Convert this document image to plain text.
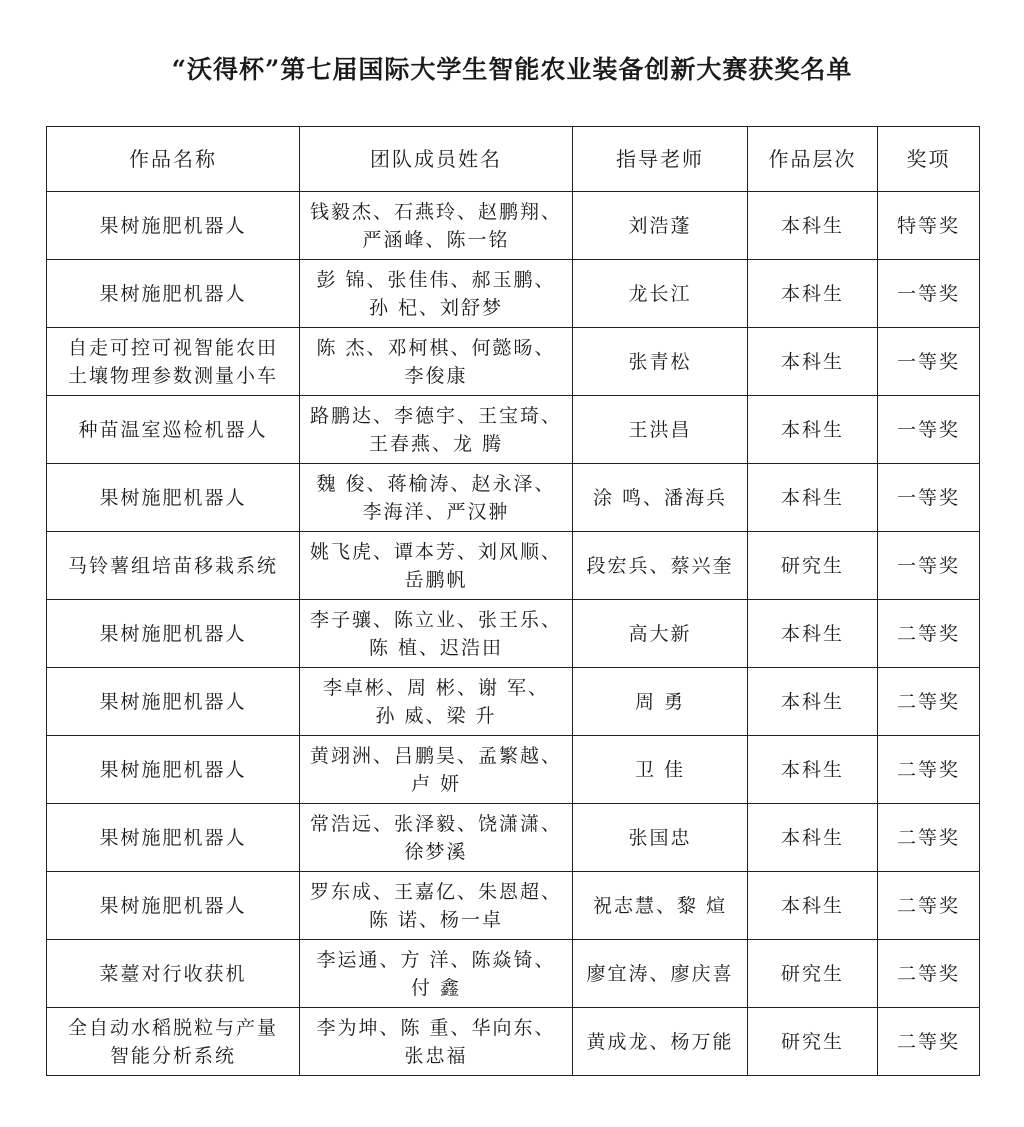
“沃得杯”第七届国际大学生智能农业装备创新大赛获奖名单
作品名称	团队成员姓名	指导老师	作品层次	奖项

果树施肥机器人	钱毅杰、石燕玲、赵鹏翔、
严涵峰、陈一铭	刘浩蓬	本科生	特等奖

果树施肥机器人	彭 锦、张佳伟、郝玉鹏、
孙 杞、刘舒梦	龙长江	本科生	一等奖

自走可控可视智能农田
土壤物理参数测量小车	陈 杰、邓柯棋、何懿旸、
李俊康	张青松	本科生	一等奖

种苗温室巡检机器人	路鹏达、李德宇、王宝琦、
王春燕、龙 腾	王洪昌	本科生	一等奖

果树施肥机器人	魏 俊、蒋榆涛、赵永泽、
李海洋、严汉翀	涂 鸣、潘海兵	本科生	一等奖

马铃薯组培苗移栽系统	姚飞虎、谭本芳、刘风顺、
岳鹏帆	段宏兵、蔡兴奎	研究生	一等奖

果树施肥机器人	李子骧、陈立业、张王乐、
陈 植、迟浩田	高大新	本科生	二等奖

果树施肥机器人	李卓彬、周 彬、谢 军、
孙 威、梁 升	周 勇	本科生	二等奖

果树施肥机器人	黄翊洲、吕鹏昊、孟繁越、
卢 妍	卫 佳	本科生	二等奖

果树施肥机器人	常浩远、张泽毅、饶潇潇、
徐梦溪	张国忠	本科生	二等奖

果树施肥机器人	罗东成、王嘉亿、朱恩超、
陈 诺、杨一卓	祝志慧、黎 煊	本科生	二等奖

菜薹对行收获机	李运通、方 洋、陈焱锜、
付 鑫	廖宜涛、廖庆喜	研究生	二等奖

全自动水稻脱粒与产量
智能分析系统	李为坤、陈 重、华向东、
张忠福	黄成龙、杨万能	研究生	二等奖
